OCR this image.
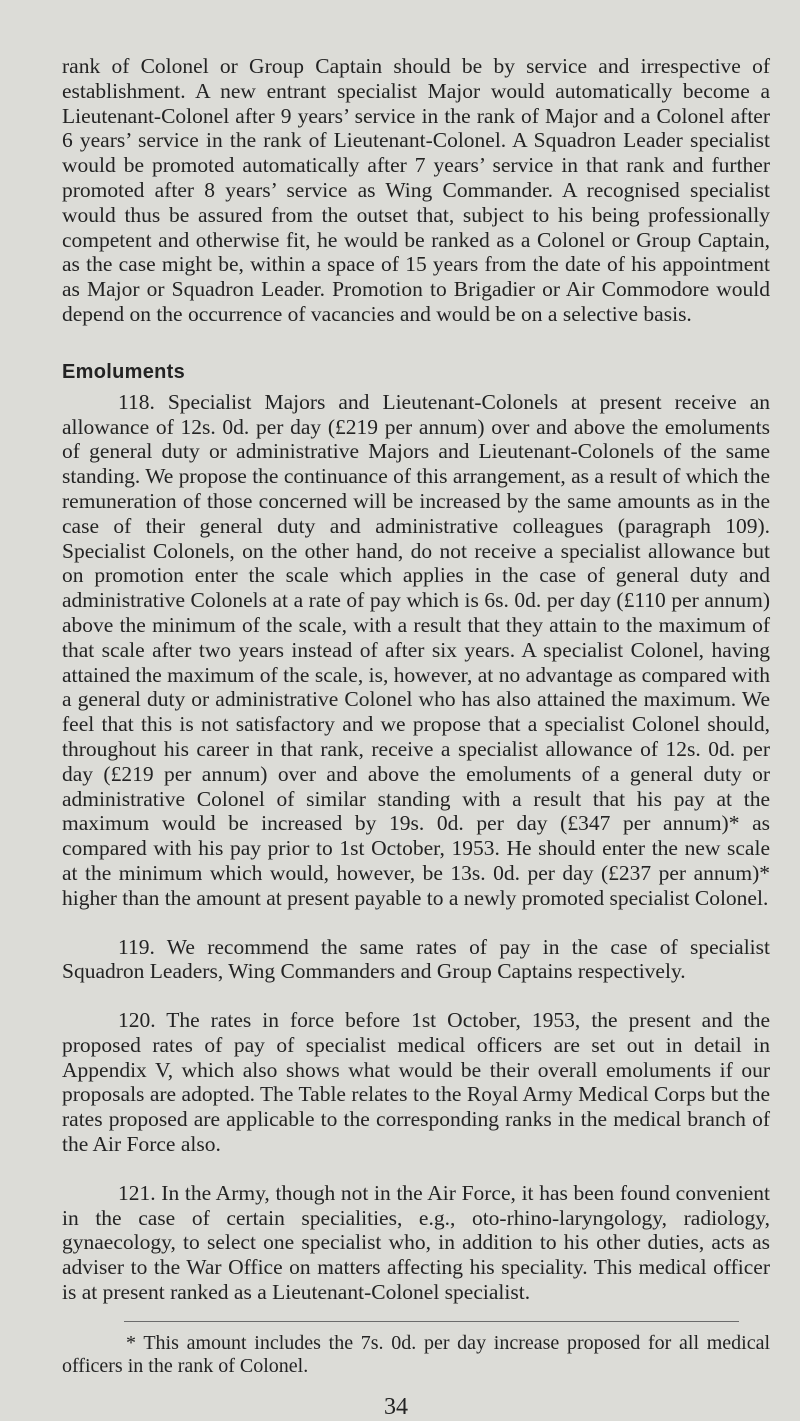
rank of Colonel or Group Captain should be by service and irrespective of establishment. A new entrant specialist Major would automatically become a Lieutenant-Colonel after 9 years’ service in the rank of Major and a Colonel after 6 years’ service in the rank of Lieutenant-Colonel. A Squadron Leader specialist would be promoted automatically after 7 years’ service in that rank and further promoted after 8 years’ service as Wing Commander. A recognised specialist would thus be assured from the outset that, subject to his being professionally competent and otherwise fit, he would be ranked as a Colonel or Group Captain, as the case might be, within a space of 15 years from the date of his appointment as Major or Squadron Leader. Promotion to Brigadier or Air Commodore would depend on the occurrence of vacancies and would be on a selective basis.

Emoluments

118. Specialist Majors and Lieutenant-Colonels at present receive an allowance of 12s. 0d. per day (£219 per annum) over and above the emoluments of general duty or administrative Majors and Lieutenant-Colonels of the same standing. We propose the continuance of this arrangement, as a result of which the remuneration of those concerned will be increased by the same amounts as in the case of their general duty and administrative colleagues (paragraph 109). Specialist Colonels, on the other hand, do not receive a specialist allowance but on promotion enter the scale which applies in the case of general duty and administrative Colonels at a rate of pay which is 6s. 0d. per day (£110 per annum) above the minimum of the scale, with a result that they attain to the maximum of that scale after two years instead of after six years. A specialist Colonel, having attained the maximum of the scale, is, however, at no advantage as compared with a general duty or administrative Colonel who has also attained the maximum. We feel that this is not satisfactory and we propose that a specialist Colonel should, throughout his career in that rank, receive a specialist allowance of 12s. 0d. per day (£219 per annum) over and above the emoluments of a general duty or administrative Colonel of similar standing with a result that his pay at the maximum would be increased by 19s. 0d. per day (£347 per annum)* as compared with his pay prior to 1st October, 1953. He should enter the new scale at the minimum which would, however, be 13s. 0d. per day (£237 per annum)* higher than the amount at present payable to a newly promoted specialist Colonel.

119. We recommend the same rates of pay in the case of specialist Squadron Leaders, Wing Commanders and Group Captains respectively.

120. The rates in force before 1st October, 1953, the present and the proposed rates of pay of specialist medical officers are set out in detail in Appendix V, which also shows what would be their overall emoluments if our proposals are adopted. The Table relates to the Royal Army Medical Corps but the rates proposed are applicable to the corresponding ranks in the medical branch of the Air Force also.

121. In the Army, though not in the Air Force, it has been found convenient in the case of certain specialities, e.g., oto-rhino-laryngology, radiology, gynaecology, to select one specialist who, in addition to his other duties, acts as adviser to the War Office on matters affecting his speciality. This medical officer is at present ranked as a Lieutenant-Colonel specialist.

* This amount includes the 7s. 0d. per day increase proposed for all medical officers in the rank of Colonel.

34
